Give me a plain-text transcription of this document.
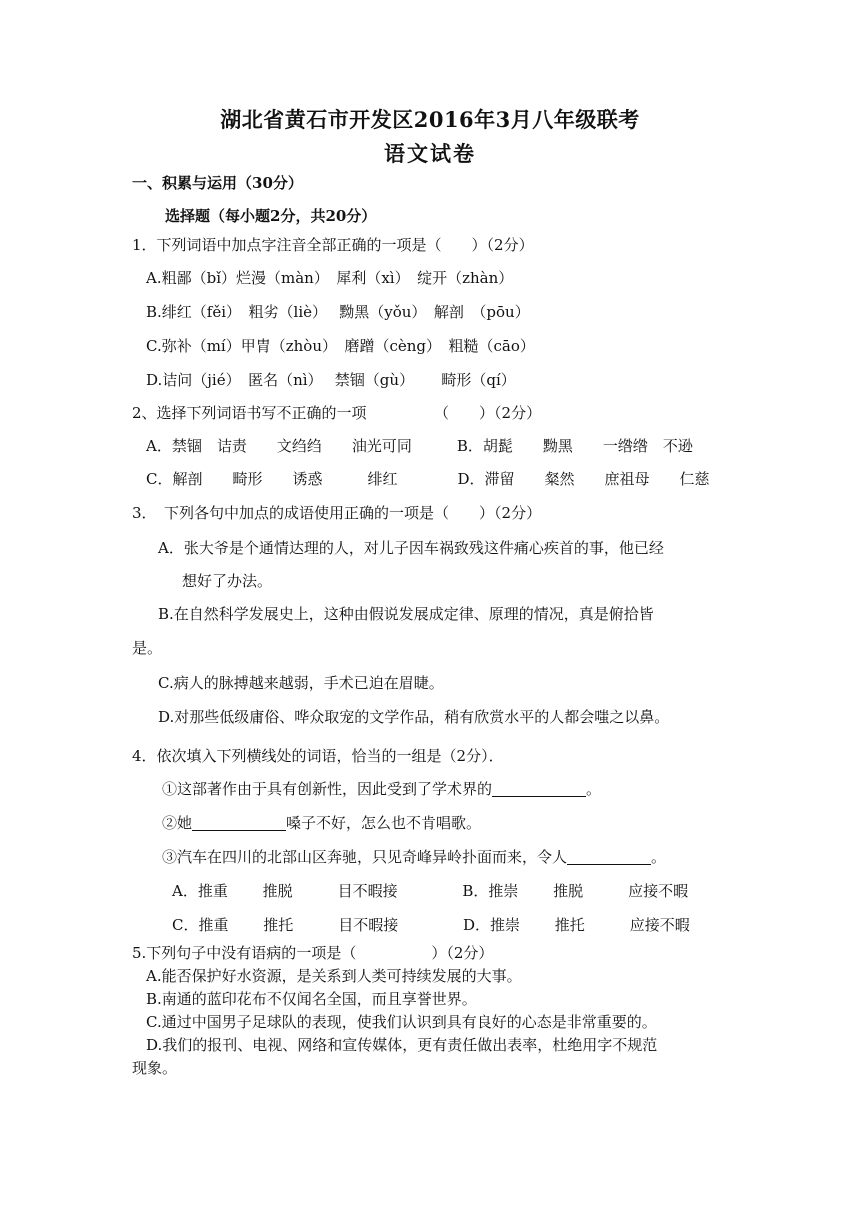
湖北省黄石市开发区2016年3月八年级联考
语文试卷
一、积累与运用（30分）
选择题（每小题2分，共20分）
1．下列词语中加点字注音全部正确的一项是（　　）（2分）
A.粗鄙（bǐ）烂漫（màn）　犀利（xì）　绽开（zhàn）
B.绯红（fěi）　粗劣（liè）　 黝黑（yǒu）　解剖　（pōu）
C.弥补（mí）甲胄（zhòu）　磨蹭（cèng）　粗糙（cāo）
D.诘问（jié）　匿名（nì）　 禁锢（gù）　　 畸形（qí）
2、选择下列词语书写不正确的一项　　　　　（　　）（2分）
A．禁锢　诘责　　文绉绉　　油光可同　　　B．胡髭　　黝黑　　一绺绺　不逊
C．解剖　　畸形　　诱惑　　　绯红　　　　D．滞留　　粲然　　庶祖母　　仁慈
3．　下列各句中加点的成语使用正确的一项是（　　）（2分）
A．张大爷是个通情达理的人，对儿子因车祸致残这件痛心疾首的事，他已经
想好了办法。
B.在自然科学发展史上，这种由假说发展成定律、原理的情况，真是俯拾皆
是。
C.病人的脉搏越来越弱，手术已迫在眉睫。
D.对那些低级庸俗、哗众取宠的文学作品，稍有欣赏水平的人都会嗤之以鼻。
4．依次填入下列横线处的词语，恰当的一组是（2分）．
①这部著作由于具有创新性，因此受到了学术界的	。
②她	嗓子不好，怎么也不肯唱歌。
③汽车在四川的北部山区奔驰，只见奇峰异岭扑面而来，令人	。
A．推重　　 推脱　　　目不暇接　　　　 B．推崇　　 推脱　　　应接不暇
C．推重　　 推托　　　目不暇接　　　　 D．推崇　　 推托　　　应接不暇
5.下列句子中没有语病的一项是（　　　　　）（2分）
A.能否保护好水资源，是关系到人类可持续发展的大事。
B.南通的蓝印花布不仅闻名全国，而且享誉世界。
C.通过中国男子足球队的表现，使我们认识到具有良好的心态是非常重要的。
D.我们的报刊、电视、网络和宣传媒体，更有责任做出表率，杜绝用字不规范
现象。
